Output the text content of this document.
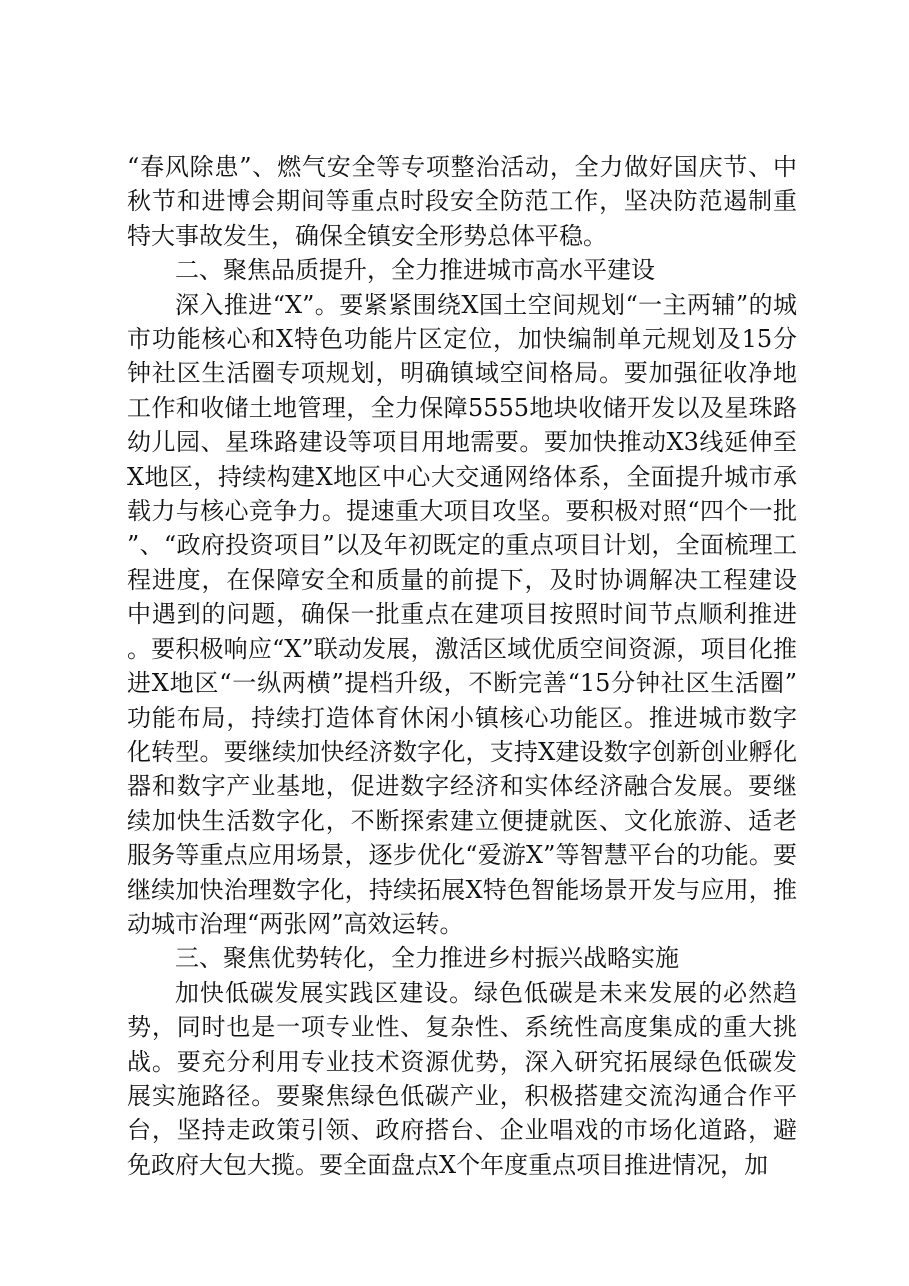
“春风除患”、燃气安全等专项整治活动，全力做好国庆节、中秋节和进博会期间等重点时段安全防范工作，坚决防范遏制重特大事故发生，确保全镇安全形势总体平稳。

二、聚焦品质提升，全力推进城市高水平建设

深入推进“X”。要紧紧围绕X国土空间规划“一主两辅”的城市功能核心和X特色功能片区定位，加快编制单元规划及15分钟社区生活圈专项规划，明确镇域空间格局。要加强征收净地工作和收储土地管理，全力保障5555地块收储开发以及星珠路幼儿园、星珠路建设等项目用地需要。要加快推动X3线延伸至X地区，持续构建X地区中心大交通网络体系，全面提升城市承载力与核心竞争力。提速重大项目攻坚。要积极对照“四个一批”、“政府投资项目”以及年初既定的重点项目计划，全面梳理工程进度，在保障安全和质量的前提下，及时协调解决工程建设中遇到的问题，确保一批重点在建项目按照时间节点顺利推进。要积极响应“X”联动发展，激活区域优质空间资源，项目化推进X地区“一纵两横”提档升级，不断完善“15分钟社区生活圈”功能布局，持续打造体育休闲小镇核心功能区。推进城市数字化转型。要继续加快经济数字化，支持X建设数字创新创业孵化器和数字产业基地，促进数字经济和实体经济融合发展。要继续加快生活数字化，不断探索建立便捷就医、文化旅游、适老服务等重点应用场景，逐步优化“爱游X”等智慧平台的功能。要继续加快治理数字化，持续拓展X特色智能场景开发与应用，推动城市治理“两张网”高效运转。

三、聚焦优势转化，全力推进乡村振兴战略实施

加快低碳发展实践区建设。绿色低碳是未来发展的必然趋势，同时也是一项专业性、复杂性、系统性高度集成的重大挑战。要充分利用专业技术资源优势，深入研究拓展绿色低碳发展实施路径。要聚焦绿色低碳产业，积极搭建交流沟通合作平台，坚持走政策引领、政府搭台、企业唱戏的市场化道路，避免政府大包大揽。要全面盘点X个年度重点项目推进情况，加
